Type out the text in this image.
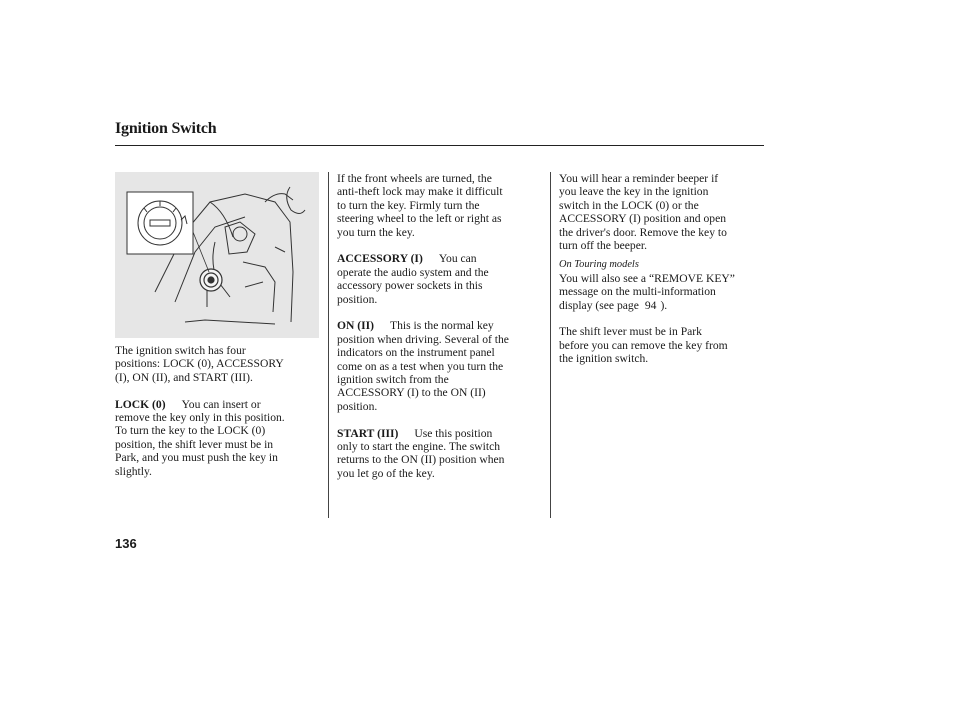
Ignition Switch

The ignition switch has four
positions: LOCK (0), ACCESSORY
(I), ON (II), and START (III).

LOCK (0) You can insert or
remove the key only in this position.
To turn the key to the LOCK (0)
position, the shift lever must be in
Park, and you must push the key in
slightly.

If the front wheels are turned, the
anti-theft lock may make it difficult
to turn the key. Firmly turn the
steering wheel to the left or right as
you turn the key.

ACCESSORY (I) You can
operate the audio system and the
accessory power sockets in this
position.

ON (II) This is the normal key
position when driving. Several of the
indicators on the instrument panel
come on as a test when you turn the
ignition switch from the
ACCESSORY (I) to the ON (II)
position.

START (III) Use this position
only to start the engine. The switch
returns to the ON (II) position when
you let go of the key.

You will hear a reminder beeper if
you leave the key in the ignition
switch in the LOCK (0) or the
ACCESSORY (I) position and open
the driver's door. Remove the key to
turn off the beeper.

On Touring models
You will also see a “REMOVE KEY”
message on the multi-information
display (see page 94 ).

The shift lever must be in Park
before you can remove the key from
the ignition switch.

136
